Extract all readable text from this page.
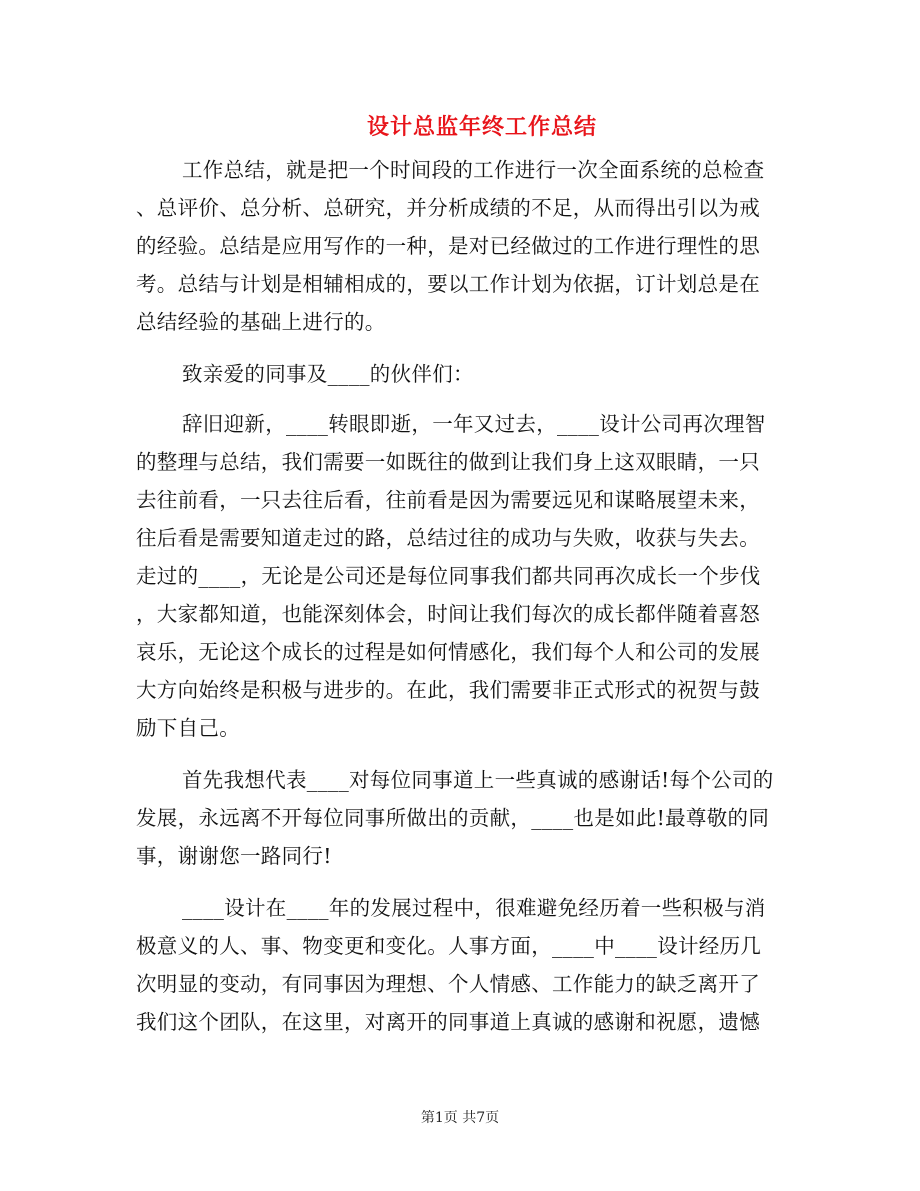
设计总监年终工作总结
工作总结，就是把一个时间段的工作进行一次全面系统的总检查
、总评价、总分析、总研究，并分析成绩的不足，从而得出引以为戒
的经验。总结是应用写作的一种，是对已经做过的工作进行理性的思
考。总结与计划是相辅相成的，要以工作计划为依据，订计划总是在
总结经验的基础上进行的。
致亲爱的同事及____的伙伴们：
辞旧迎新，____转眼即逝，一年又过去，____设计公司再次理智
的整理与总结，我们需要一如既往的做到让我们身上这双眼睛，一只
去往前看，一只去往后看，往前看是因为需要远见和谋略展望未来，
往后看是需要知道走过的路，总结过往的成功与失败，收获与失去。
走过的____，无论是公司还是每位同事我们都共同再次成长一个步伐
，大家都知道，也能深刻体会，时间让我们每次的成长都伴随着喜怒
哀乐，无论这个成长的过程是如何情感化，我们每个人和公司的发展
大方向始终是积极与进步的。在此，我们需要非正式形式的祝贺与鼓
励下自己。
首先我想代表____对每位同事道上一些真诚的感谢话!每个公司的
发展，永远离不开每位同事所做出的贡献，____也是如此!最尊敬的同
事，谢谢您一路同行!
____设计在____年的发展过程中，很难避免经历着一些积极与消
极意义的人、事、物变更和变化。人事方面，____中____设计经历几
次明显的变动，有同事因为理想、个人情感、工作能力的缺乏离开了
我们这个团队，在这里，对离开的同事道上真诚的感谢和祝愿，遗憾
第1页 共7页
